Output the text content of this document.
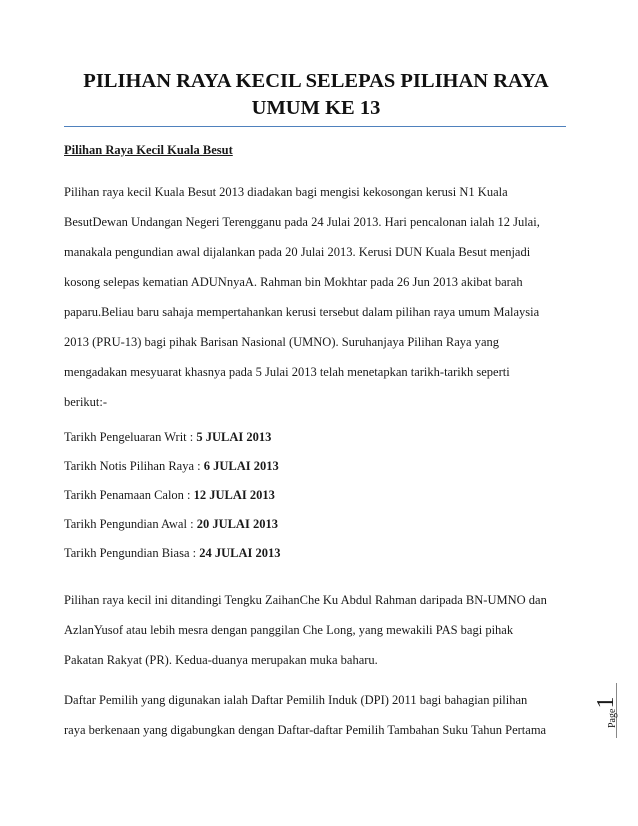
PILIHAN RAYA KECIL SELEPAS PILIHAN RAYA
UMUM KE 13
Pilihan Raya Kecil Kuala Besut

Pilihan raya kecil Kuala Besut 2013 diadakan bagi mengisi kekosongan kerusi N1 Kuala
BesutDewan Undangan Negeri Terengganu pada 24 Julai 2013. Hari pencalonan ialah 12 Julai,
manakala pengundian awal dijalankan pada 20 Julai 2013. Kerusi DUN Kuala Besut menjadi
kosong selepas kematian ADUNnyaA. Rahman bin Mokhtar pada 26 Jun 2013 akibat barah
paparu.Beliau baru sahaja mempertahankan kerusi tersebut dalam pilihan raya umum Malaysia
2013 (PRU-13) bagi pihak Barisan Nasional (UMNO). Suruhanjaya Pilihan Raya yang
mengadakan mesyuarat khasnya pada 5 Julai 2013 telah menetapkan tarikh-tarikh seperti
berikut:-

Tarikh Pengeluaran Writ : 5 JULAI 2013
Tarikh Notis Pilihan Raya : 6 JULAI 2013
Tarikh Penamaan Calon : 12 JULAI 2013
Tarikh Pengundian Awal : 20 JULAI 2013
Tarikh Pengundian Biasa : 24 JULAI 2013

Pilihan raya kecil ini ditandingi Tengku ZaihanChe Ku Abdul Rahman daripada BN-UMNO dan
AzlanYusof atau lebih mesra dengan panggilan Che Long, yang mewakili PAS bagi pihak
Pakatan Rakyat (PR). Kedua-duanya merupakan muka baharu.

Daftar Pemilih yang digunakan ialah Daftar Pemilih Induk (DPI) 2011 bagi bahagian pilihan
raya berkenaan yang digabungkan dengan Daftar-daftar Pemilih Tambahan Suku Tahun Pertama

Page1
